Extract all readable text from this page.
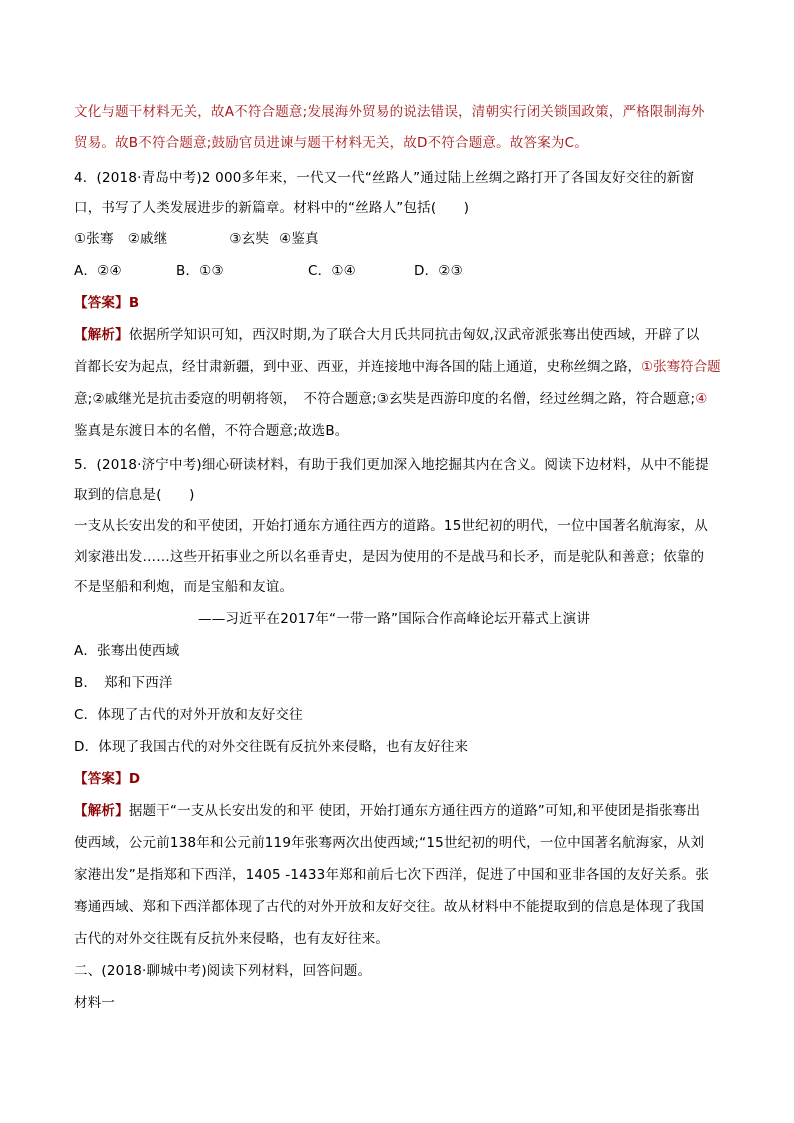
文化与题干材料无关，故A不符合题意;发展海外贸易的说法错误，清朝实行闭关锁国政策，严格限制海外
贸易。故B不符合题意;鼓励官员进谏与题干材料无关，故D不符合题意。故答案为C。
4．(2018·青岛中考)2 000多年来，一代又一代“丝路人”通过陆上丝绸之路打开了各国友好交往的新窗
口，书写了人类发展进步的新篇章。材料中的“丝路人”包括(　　)
①张骞 ②戚继	③玄奘 ④鉴真
A．②④	B．①③	C．①④	D．②③
【答案】B
【解析】依据所学知识可知，西汉时期,为了联合大月氏共同抗击匈奴,汉武帝派张骞出使西域，开辟了以
首都长安为起点，经甘肃新疆，到中亚、西亚，并连接地中海各国的陆上通道，史称丝绸之路，①张骞符合题
意;②戚继光是抗击委寇的明朝将领，　不符合题意;③玄奘是西游印度的名僧，经过丝绸之路，符合题意;④
鉴真是东渡日本的名僧，不符合题意;故选B。
5．(2018·济宁中考)细心研读材料，有助于我们更加深入地挖掘其内在含义。阅读下边材料，从中不能提
取到的信息是(　　)
一支从长安出发的和平使团，开始打通东方通往西方的道路。15世纪初的明代，一位中国著名航海家，从
刘家港出发……这些开拓事业之所以名垂青史，是因为使用的不是战马和长矛，而是驼队和善意；依靠的
不是坚船和利炮，而是宝船和友谊。
——习近平在2017年“一带一路”国际合作高峰论坛开幕式上演讲
A．张骞出使西域
B．　郑和下西洋
C．体现了古代的对外开放和友好交往
D．体现了我国古代的对外交往既有反抗外来侵略，也有友好往来
【答案】D
【解析】据题干“一支从长安出发的和平 使团，开始打通东方通往西方的道路”可知,和平使团是指张骞出
使西域，公元前138年和公元前119年张骞两次出使西域;“15世纪初的明代，一位中国著名航海家，从刘
家港出发”是指郑和下西洋，1405 -1433年郑和前后七次下西洋，促进了中国和亚非各国的友好关系。张
骞通西域、郑和下西洋都体现了古代的对外开放和友好交往。故从材料中不能提取到的信息是体现了我国
古代的对外交往既有反抗外来侵略，也有友好往来。
二、(2018·聊城中考)阅读下列材料，回答问题。
材料一
